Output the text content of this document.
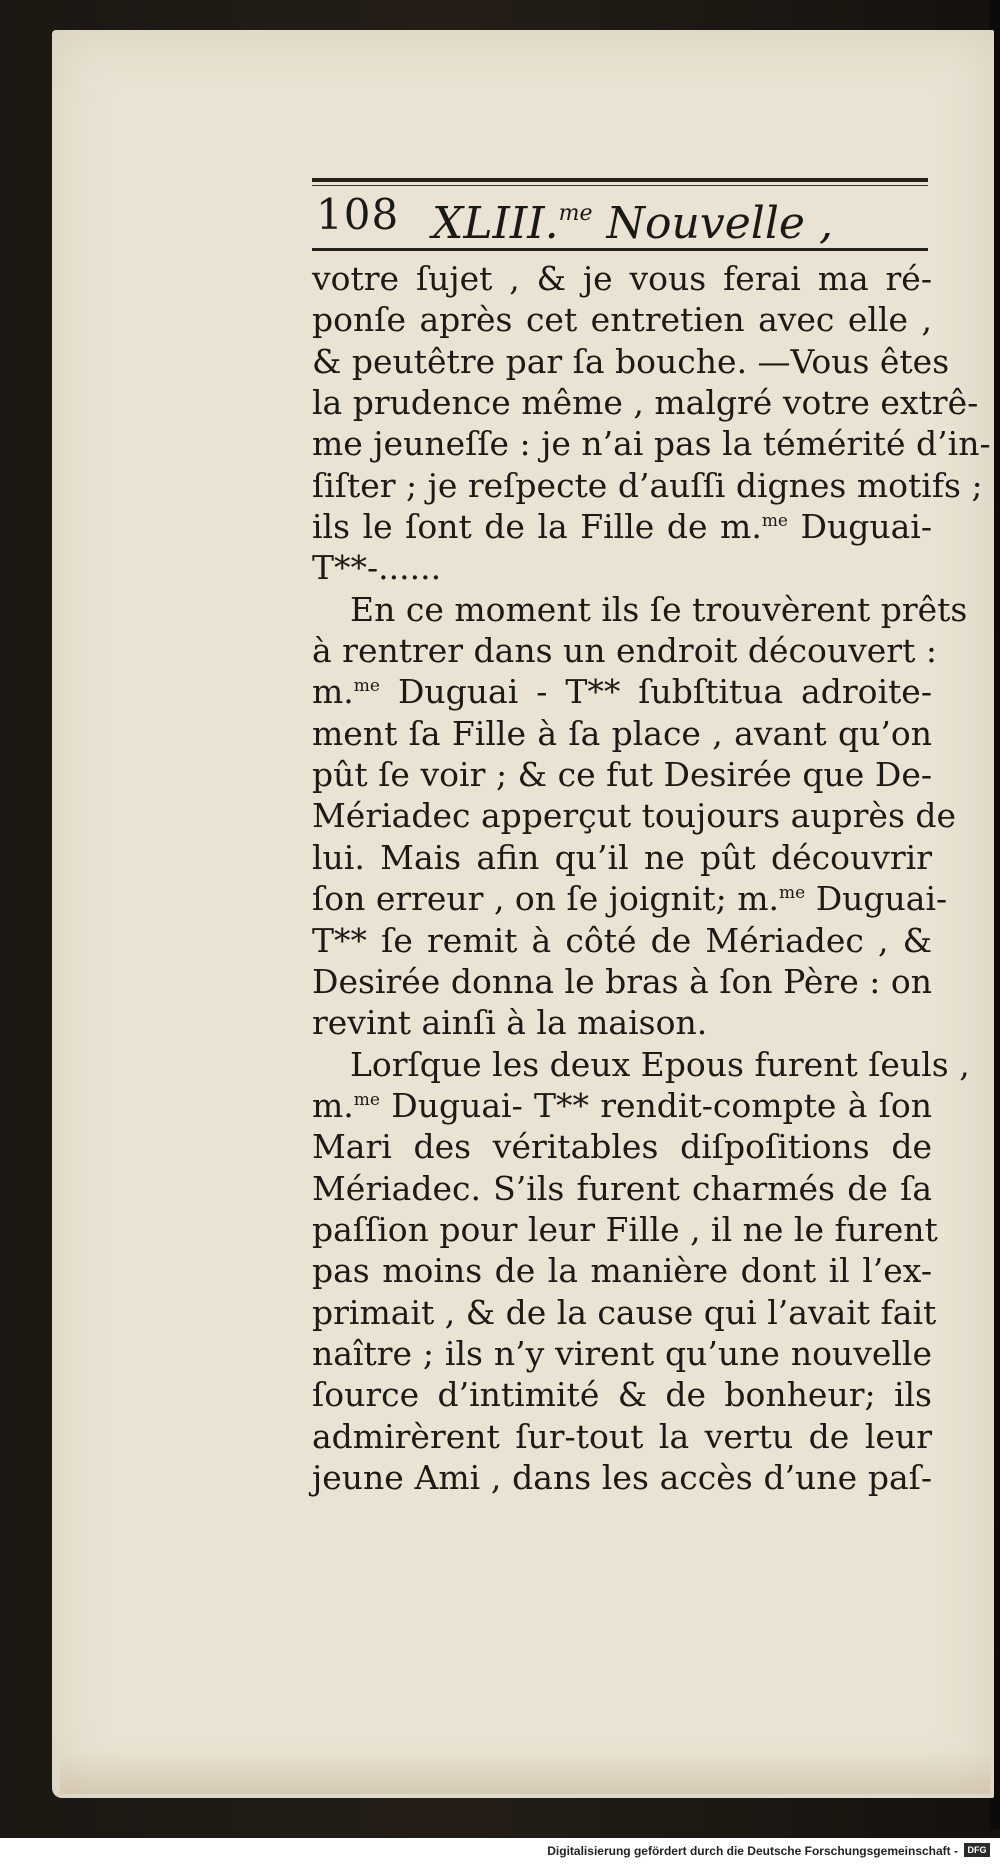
108 XLIII.$^{me}$ Nouvelle ,
votre ſujet , & je vous ferai ma ré-
ponſe après cet entretien avec elle ,
& peutêtre par ſa bouche. —Vous êtes
la prudence même , malgré votre extrê-
me jeuneſſe : je n’ai pas la témérité d’in-
ſiſter ; je reſpecte d’auſſi dignes motifs ;
ils le ſont de la Fille de m.$^{me}$ Duguai-
T**-......
En ce moment ils ſe trouvèrent prêts
à rentrer dans un endroit découvert :
m.$^{me}$ Duguai - T** ſubſtitua adroite-
ment ſa Fille à ſa place , avant qu’on
pût ſe voir ; & ce fut Desirée que De-
Mériadec apperçut toujours auprès de
lui. Mais afin qu’il ne pût découvrir
ſon erreur , on ſe joignit; m.$^{me}$ Duguai-
T** ſe remit à côté de Mériadec , &
Desirée donna le bras à ſon Père : on
revint ainſi à la maison.
Lorſque les deux Epous furent ſeuls ,
m.$^{me}$ Duguai- T** rendit-compte à ſon
Mari des véritables diſpoſitions de
Mériadec. S’ils furent charmés de ſa
paſſion pour leur Fille , il ne le furent
pas moins de la manière dont il l’ex-
primait , & de la cause qui l’avait fait
naître ; ils n’y virent qu’une nouvelle
ſource d’intimité & de bonheur; ils
admirèrent ſur-tout la vertu de leur
jeune Ami , dans les accès d’une paſ-
Digitalisierung gefördert durch die Deutsche Forschungsgemeinschaft -	DFG
